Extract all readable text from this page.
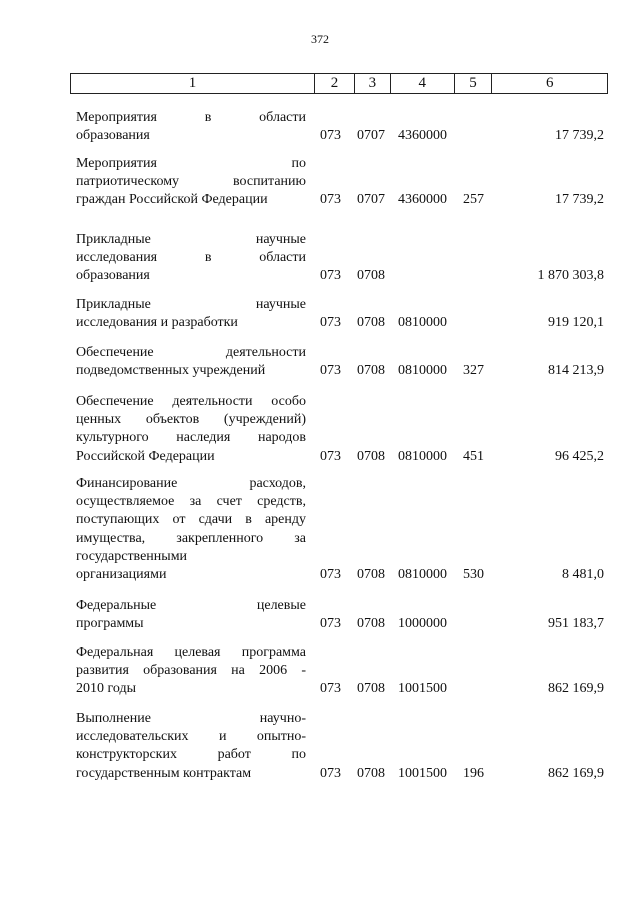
372
1	2	3	4	5	6
Мероприятия в области
образования	073 0707 4360000	17 739,2
Мероприятия по
патриотическому воспитанию
граждан Российской Федерации	073 0707 4360000 257	17 739,2
Прикладные научные
исследования в области
образования	073 0708	1 870 303,8
Прикладные научные
исследования и разработки	073 0708 0810000	919 120,1
Обеспечение деятельности
подведомственных учреждений	073 0708 0810000 327	814 213,9
Обеспечение деятельности особо
ценных объектов (учреждений)
культурного наследия народов
Российской Федерации	073 0708 0810000 451	96 425,2
Финансирование расходов,
осуществляемое за счет средств,
поступающих от сдачи в аренду
имущества, закрепленного за
государственными
организациями	073 0708 0810000 530	8 481,0
Федеральные целевые
программы	073 0708 1000000	951 183,7
Федеральная целевая программа
развития образования на 2006 -
2010 годы	073 0708 1001500	862 169,9
Выполнение научно-
исследовательских и опытно-
конструкторских работ по
государственным контрактам	073 0708 1001500 196	862 169,9
